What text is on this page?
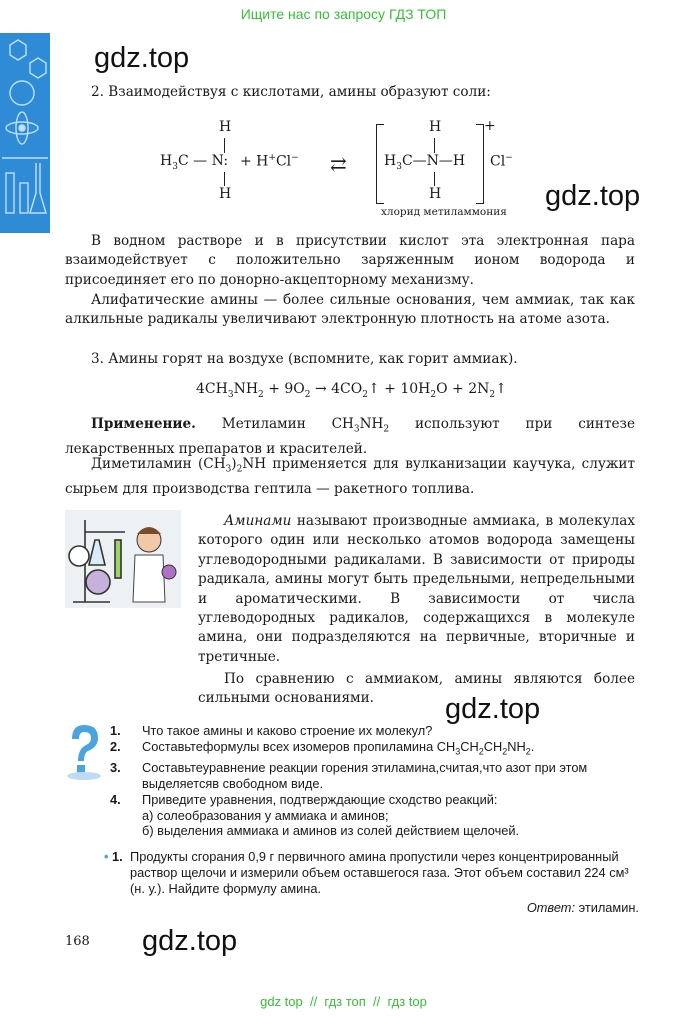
Ищите нас по запросу ГДЗ ТОП
gdz.top
gdz.top
gdz.top
gdz.top
2. Взаимодействуя с кислотами, амины образуют соли:
H
$H_3C$ — N: + H+Cl−
H
⇄
+
H
$H_3C—N—H$
H
Cl−
хлорид метиламмония
В водном растворе и в присутствии кислот эта электронная пара взаимодействует с положительно заряженным ионом водорода и присоединяет его по донорно-акцепторному механизму.
Алифатические амины — более сильные основания, чем аммиак, так как алкильные радикалы увеличивают электронную плотность на атоме азота.
3. Амины горят на воздухе (вспомните, как горит аммиак).
$4CH_3NH_2 + 9O_2$ → $4CO_2↑ + 10H_2O$ + $2N_2↑$
Применение. Метиламин $CH_3NH_2$ используют при синтезе лекарственных препаратов и красителей.
Диметиламин $(CH_3)_2NH$ применяется для вулканизации каучука, служит сырьем для производства гептила — ракетного топлива.
Аминами называют производные аммиака, в молекулах которого один или несколько атомов водорода замещены углеводородными радикалами. В зависимости от природы радикала, амины могут быть предельными, непредельными и ароматическими. В зависимости от числа углеводородных радикалов, содержащихся в молекуле амина, они подразделяются на первичные, вторичные и третичные.
По сравнению с аммиаком, амины являются более сильными основаниями.
1. Что такое амины и каково строение их молекул?
2. Составьтеформулы всех изомеров пропиламина $CH_3CH_2CH_2NH_2$.
3. Составьтеуравнение реакции горения этиламина,считая,что азот при этом выделяетсяв свободном виде.
4. Приведите уравнения, подтверждающие сходство реакций:
а) солеобразования у аммиака и аминов;
б) выделения аммиака и аминов из солей действием щелочей.
• 1. Продукты сгорания 0,9 г первичного амина пропустили через концентрированный раствор щелочи и измерили объем оставшегося газа. Этот объем составил 224 см³ (н. у.). Найдите формулу амина.
Ответ: этиламин.
168
gdz top  //  гдз топ  //  гдз top
